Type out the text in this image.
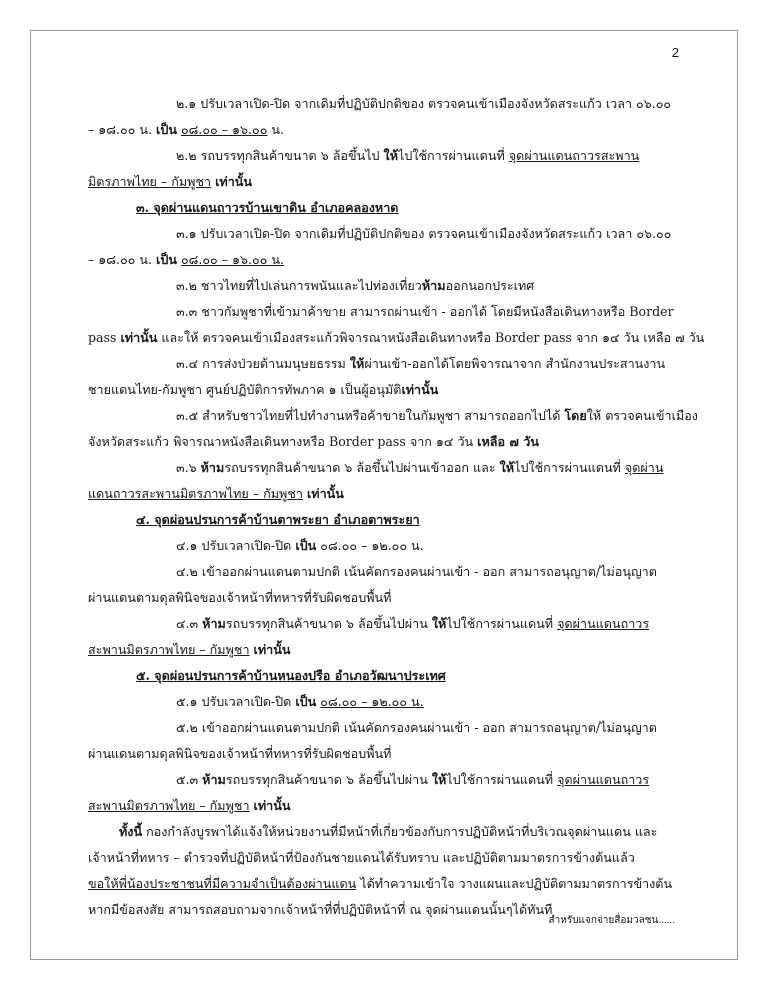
2
๒.๑ ปรับเวลาเปิด-ปิด จากเดิมที่ปฏิบัติปกติของ ตรวจคนเข้าเมืองจังหวัดสระแก้ว เวลา ๐๖.๐๐
– ๑๘.๐๐ น. เป็น ๐๘.๐๐ – ๑๖.๐๐ น.
๒.๒ รถบรรทุกสินค้าขนาด ๖ ล้อขึ้นไป ให้ไปใช้การผ่านแดนที่ จุดผ่านแดนถาวรสะพาน
มิตรภาพไทย – กัมพูชา เท่านั้น
๓. จุดผ่านแดนถาวรบ้านเขาดิน อำเภอคลองหาด
๓.๑ ปรับเวลาเปิด-ปิด จากเดิมที่ปฏิบัติปกติของ ตรวจคนเข้าเมืองจังหวัดสระแก้ว เวลา ๐๖.๐๐
– ๑๘.๐๐ น. เป็น ๐๘.๐๐ – ๑๖.๐๐ น.
๓.๒ ชาวไทยที่ไปเล่นการพนันและไปท่องเที่ยวห้ามออกนอกประเทศ
๓.๓ ชาวกัมพูชาที่เข้ามาค้าขาย สามารถผ่านเข้า - ออกได้ โดยมีหนังสือเดินทางหรือ Border
pass เท่านั้น และให้ ตรวจคนเข้าเมืองสระแก้วพิจารณาหนังสือเดินทางหรือ Border pass จาก ๑๔ วัน เหลือ ๗ วัน
๓.๔ การส่งป่วยด้านมนุษยธรรม ให้ผ่านเข้า-ออกได้โดยพิจารณาจาก สำนักงานประสานงาน
ชายแดนไทย-กัมพูชา ศูนย์ปฏิบัติการทัพภาค ๑ เป็นผู้อนุมัติเท่านั้น
๓.๕ สำหรับชาวไทยที่ไปทำงานหรือค้าขายในกัมพูชา สามารถออกไปได้ โดยให้ ตรวจคนเข้าเมือง
จังหวัดสระแก้ว พิจารณาหนังสือเดินทางหรือ Border pass จาก ๑๔ วัน เหลือ ๗ วัน
๓.๖ ห้ามรถบรรทุกสินค้าขนาด ๖ ล้อขึ้นไปผ่านเข้าออก และ ให้ไปใช้การผ่านแดนที่ จุดผ่าน
แดนถาวรสะพานมิตรภาพไทย – กัมพูชา เท่านั้น
๔. จุดผ่อนปรนการค้าบ้านตาพระยา อำเภอตาพระยา
๔.๑ ปรับเวลาเปิด-ปิด เป็น ๐๘.๐๐ – ๑๒.๐๐ น.
๔.๒ เข้าออกผ่านแดนตามปกติ เน้นคัดกรองคนผ่านเข้า - ออก สามารถอนุญาต/ไม่อนุญาต
ผ่านแดนตามดุลพินิจของเจ้าหน้าที่ทหารที่รับผิดชอบพื้นที่
๔.๓ ห้ามรถบรรทุกสินค้าขนาด ๖ ล้อขึ้นไปผ่าน ให้ไปใช้การผ่านแดนที่ จุดผ่านแดนถาวร
สะพานมิตรภาพไทย – กัมพูชา เท่านั้น
๕. จุดผ่อนปรนการค้าบ้านหนองปรือ อำเภอวัฒนาประเทศ
๕.๑ ปรับเวลาเปิด-ปิด เป็น ๐๘.๐๐ – ๑๒.๐๐ น.
๕.๒ เข้าออกผ่านแดนตามปกติ เน้นคัดกรองคนผ่านเข้า - ออก สามารถอนุญาต/ไม่อนุญาต
ผ่านแดนตามดุลพินิจของเจ้าหน้าที่ทหารที่รับผิดชอบพื้นที่
๕.๓ ห้ามรถบรรทุกสินค้าขนาด ๖ ล้อขึ้นไปผ่าน ให้ไปใช้การผ่านแดนที่ จุดผ่านแดนถาวร
สะพานมิตรภาพไทย – กัมพูชา เท่านั้น
ทั้งนี้ กองกำลังบูรพาได้แจ้งให้หน่วยงานที่มีหน้าที่เกี่ยวข้องกับการปฏิบัติหน้าที่บริเวณจุดผ่านแดน และ
เจ้าหน้าที่ทหาร – ตำรวจที่ปฏิบัติหน้าที่ป้องกันชายแดนได้รับทราบ และปฏิบัติตามมาตรการข้างต้นแล้ว
ขอให้พี่น้องประชาชนที่มีความจำเป็นต้องผ่านแดน ได้ทำความเข้าใจ วางแผนและปฏิบัติตามมาตรการข้างต้น
หากมีข้อสงสัย สามารถสอบถามจากเจ้าหน้าที่ที่ปฏิบัติหน้าที่ ณ จุดผ่านแดนนั้นๆได้ทันที
สำหรับแจกจ่ายสื่อมวลชน......
